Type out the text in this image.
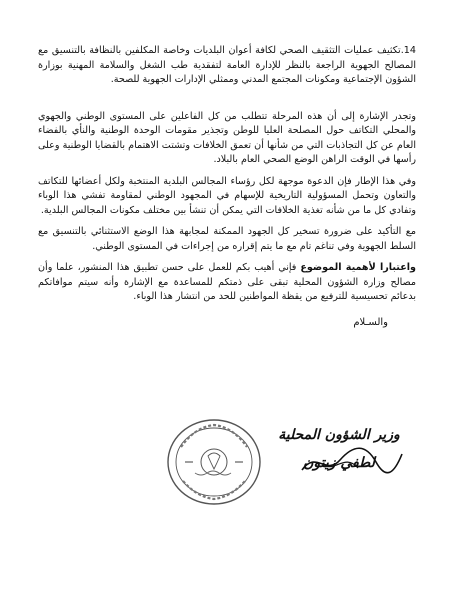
14.تكثيف عمليات التثقيف الصحي لكافة أعوان البلديات وخاصة المكلفين بالنظافة بالتنسيق مع المصالح الجهوية الراجعة بالنظر للإدارة العامة لتفقدية طب الشغل والسلامة المهنية بوزارة الشؤون الإجتماعية ومكونات المجتمع المدني وممثلي الإدارات الجهوية للصحة.

وتجدر الإشارة إلى أن هذه المرحلة تتطلب من كل الفاعلين على المستوى الوطني والجهوي والمحلي التكاتف حول المصلحة العليا للوطن وتجذير مقومات الوحدة الوطنية والنأي بالفضاء العام عن كل التجاذبات التي من شأنها أن تعمق الخلافات وتشتت الاهتمام بالقضايا الوطنية وعلى رأسها في الوقت الراهن الوضع الصحي العام بالبلاد.

وفي هذا الإطار فإن الدعوة موجهة لكل رؤساء المجالس البلدية المنتخبة ولكل أعضائها للتكاتف والتعاون وتحمل المسؤولية التاريخية للإسهام في المجهود الوطني لمقاومة تفشي هذا الوباء وتفادي كل ما من شأنه تغذية الخلافات التي يمكن أن تنشأ بين مختلف مكونات المجالس البلدية.

مع التأكيد على ضرورة تسخير كل الجهود الممكنة لمجابهة هذا الوضع الاستثنائي بالتنسيق مع السلط الجهوية وفي تناغم تام مع ما يتم إقراره من إجراءات في المستوى الوطني.

واعتبارا لأهمية الموضوع فإني أهيب بكم للعمل على حسن تطبيق هذا المنشور، علما وأن مصالح وزارة الشؤون المحلية تبقى على ذمتكم للمساعدة مع الإشارة وأنه سيتم موافاتكم بدعائم تحسيسية للترفيع من يقظة المواطنين للحد من انتشار هذا الوباء.

والسـلام

وزير الشؤون المحلية
لطفي زيتون
